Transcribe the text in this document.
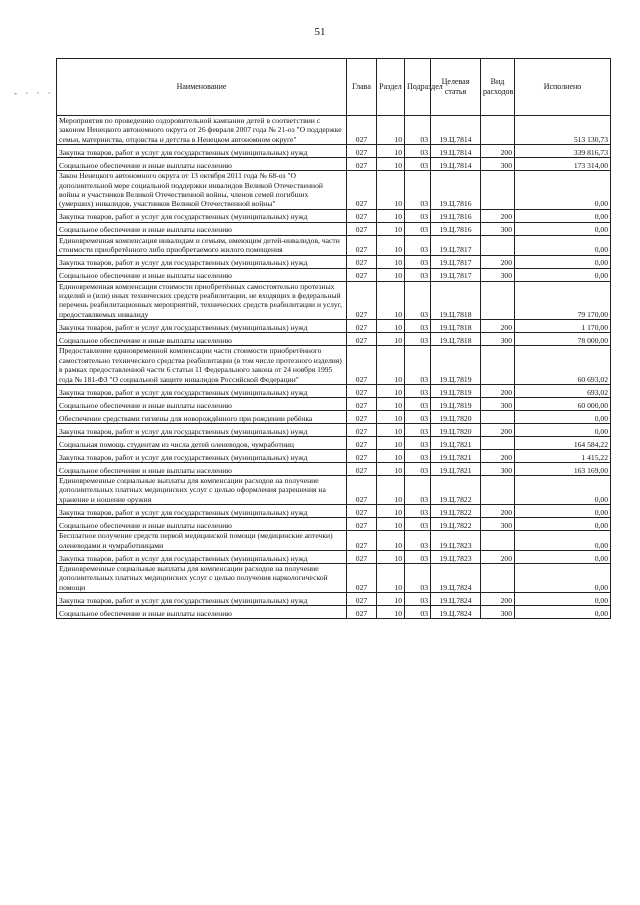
51
- · · ·
Наименование	Глава	Раздел	Подраздел	Целевая статья	Вид расходов	Исполнено
Мероприятия по проведению оздоровительной кампании детей в соответствии с законом Ненецкого автономного округа от 26 февраля 2007 года № 21-оз "О поддержке семьи, материнства, отцовства и детства в Ненецком автономном округе"	027	10	03	19.Ц.7814		513 130,73
Закупка товаров, работ и услуг для государственных (муниципальных) нужд	027	10	03	19.Ц.7814	200	339 816,73
Социальное обеспечение и иные выплаты населению	027	10	03	19.Ц.7814	300	173 314,00
Закон Ненецкого автономного округа от 13 октября 2011 года № 68-оз "О дополнительной мере социальной поддержки инвалидов Великой Отечественной войны и участников Великой Отечественной войны, членов семей погибших (умерших) инвалидов, участников Великой Отечественной войны"	027	10	03	19.Ц.7816		0,00
Закупка товаров, работ и услуг для государственных (муниципальных) нужд	027	10	03	19.Ц.7816	200	0,00
Социальное обеспечение и иные выплаты населению	027	10	03	19.Ц.7816	300	0,00
Единовременная компенсация инвалидам и семьям, имеющим детей-инвалидов, части стоимости приобретённого либо приобретаемого жилого помещения	027	10	03	19.Ц.7817		0,00
Закупка товаров, работ и услуг для государственных (муниципальных) нужд	027	10	03	19.Ц.7817	200	0,00
Социальное обеспечение и иные выплаты населению	027	10	03	19.Ц.7817	300	0,00
Единовременная компенсация стоимости приобретённых самостоятельно протезных изделий и (или) иных технических средств реабилитации, не входящих в федеральный перечень реабилитационных мероприятий, технических средств реабилитации и услуг, предоставляемых инвалиду	027	10	03	19.Ц.7818		79 170,00
Закупка товаров, работ и услуг для государственных (муниципальных) нужд	027	10	03	19.Ц.7818	200	1 170,00
Социальное обеспечение и иные выплаты населению	027	10	03	19.Ц.7818	300	78 000,00
Предоставление единовременной компенсации части стоимости приобретённого самостоятельно технического средства реабилитации (в том числе протезного изделия) в рамках предоставленной части 6 статьи 11 Федерального закона от 24 ноября 1995 года № 181-ФЗ "О социальной защите инвалидов Российской Федерации"	027	10	03	19.Ц.7819		60 693,02
Закупка товаров, работ и услуг для государственных (муниципальных) нужд	027	10	03	19.Ц.7819	200	693,02
Социальное обеспечение и иные выплаты населению	027	10	03	19.Ц.7819	300	60 000,00
Обеспечение средствами гигиены для новорождённого при рождении ребёнка	027	10	03	19.Ц.7820		0,00
Закупка товаров, работ и услуг для государственных (муниципальных) нужд	027	10	03	19.Ц.7820	200	0,00
Социальная помощь студентам из числа детей оленеводов, чумработниц	027	10	03	19.Ц.7821		164 584,22
Закупка товаров, работ и услуг для государственных (муниципальных) нужд	027	10	03	19.Ц.7821	200	1 415,22
Социальное обеспечение и иные выплаты населению	027	10	03	19.Ц.7821	300	163 169,00
Единовременные социальные выплаты для компенсации расходов на получение дополнительных платных медицинских услуг с целью оформления разрешения на хранение и ношение оружия	027	10	03	19.Ц.7822		0,00
Закупка товаров, работ и услуг для государственных (муниципальных) нужд	027	10	03	19.Ц.7822	200	0,00
Социальное обеспечение и иные выплаты населению	027	10	03	19.Ц.7822	300	0,00
Бесплатное получение средств первой медицинской помощи (медицинские аптечки) оленеводами и чумработницами	027	10	03	19.Ц.7823		0,00
Закупка товаров, работ и услуг для государственных (муниципальных) нужд	027	10	03	19.Ц.7823	200	0,00
Единовременные социальные выплаты для компенсации расходов на получение дополнительных платных медицинских услуг с целью получения наркологической помощи	027	10	03	19.Ц.7824		0,00
Закупка товаров, работ и услуг для государственных (муниципальных) нужд	027	10	03	19.Ц.7824	200	0,00
Социальное обеспечение и иные выплаты населению	027	10	03	19.Ц.7824	300	0,00
